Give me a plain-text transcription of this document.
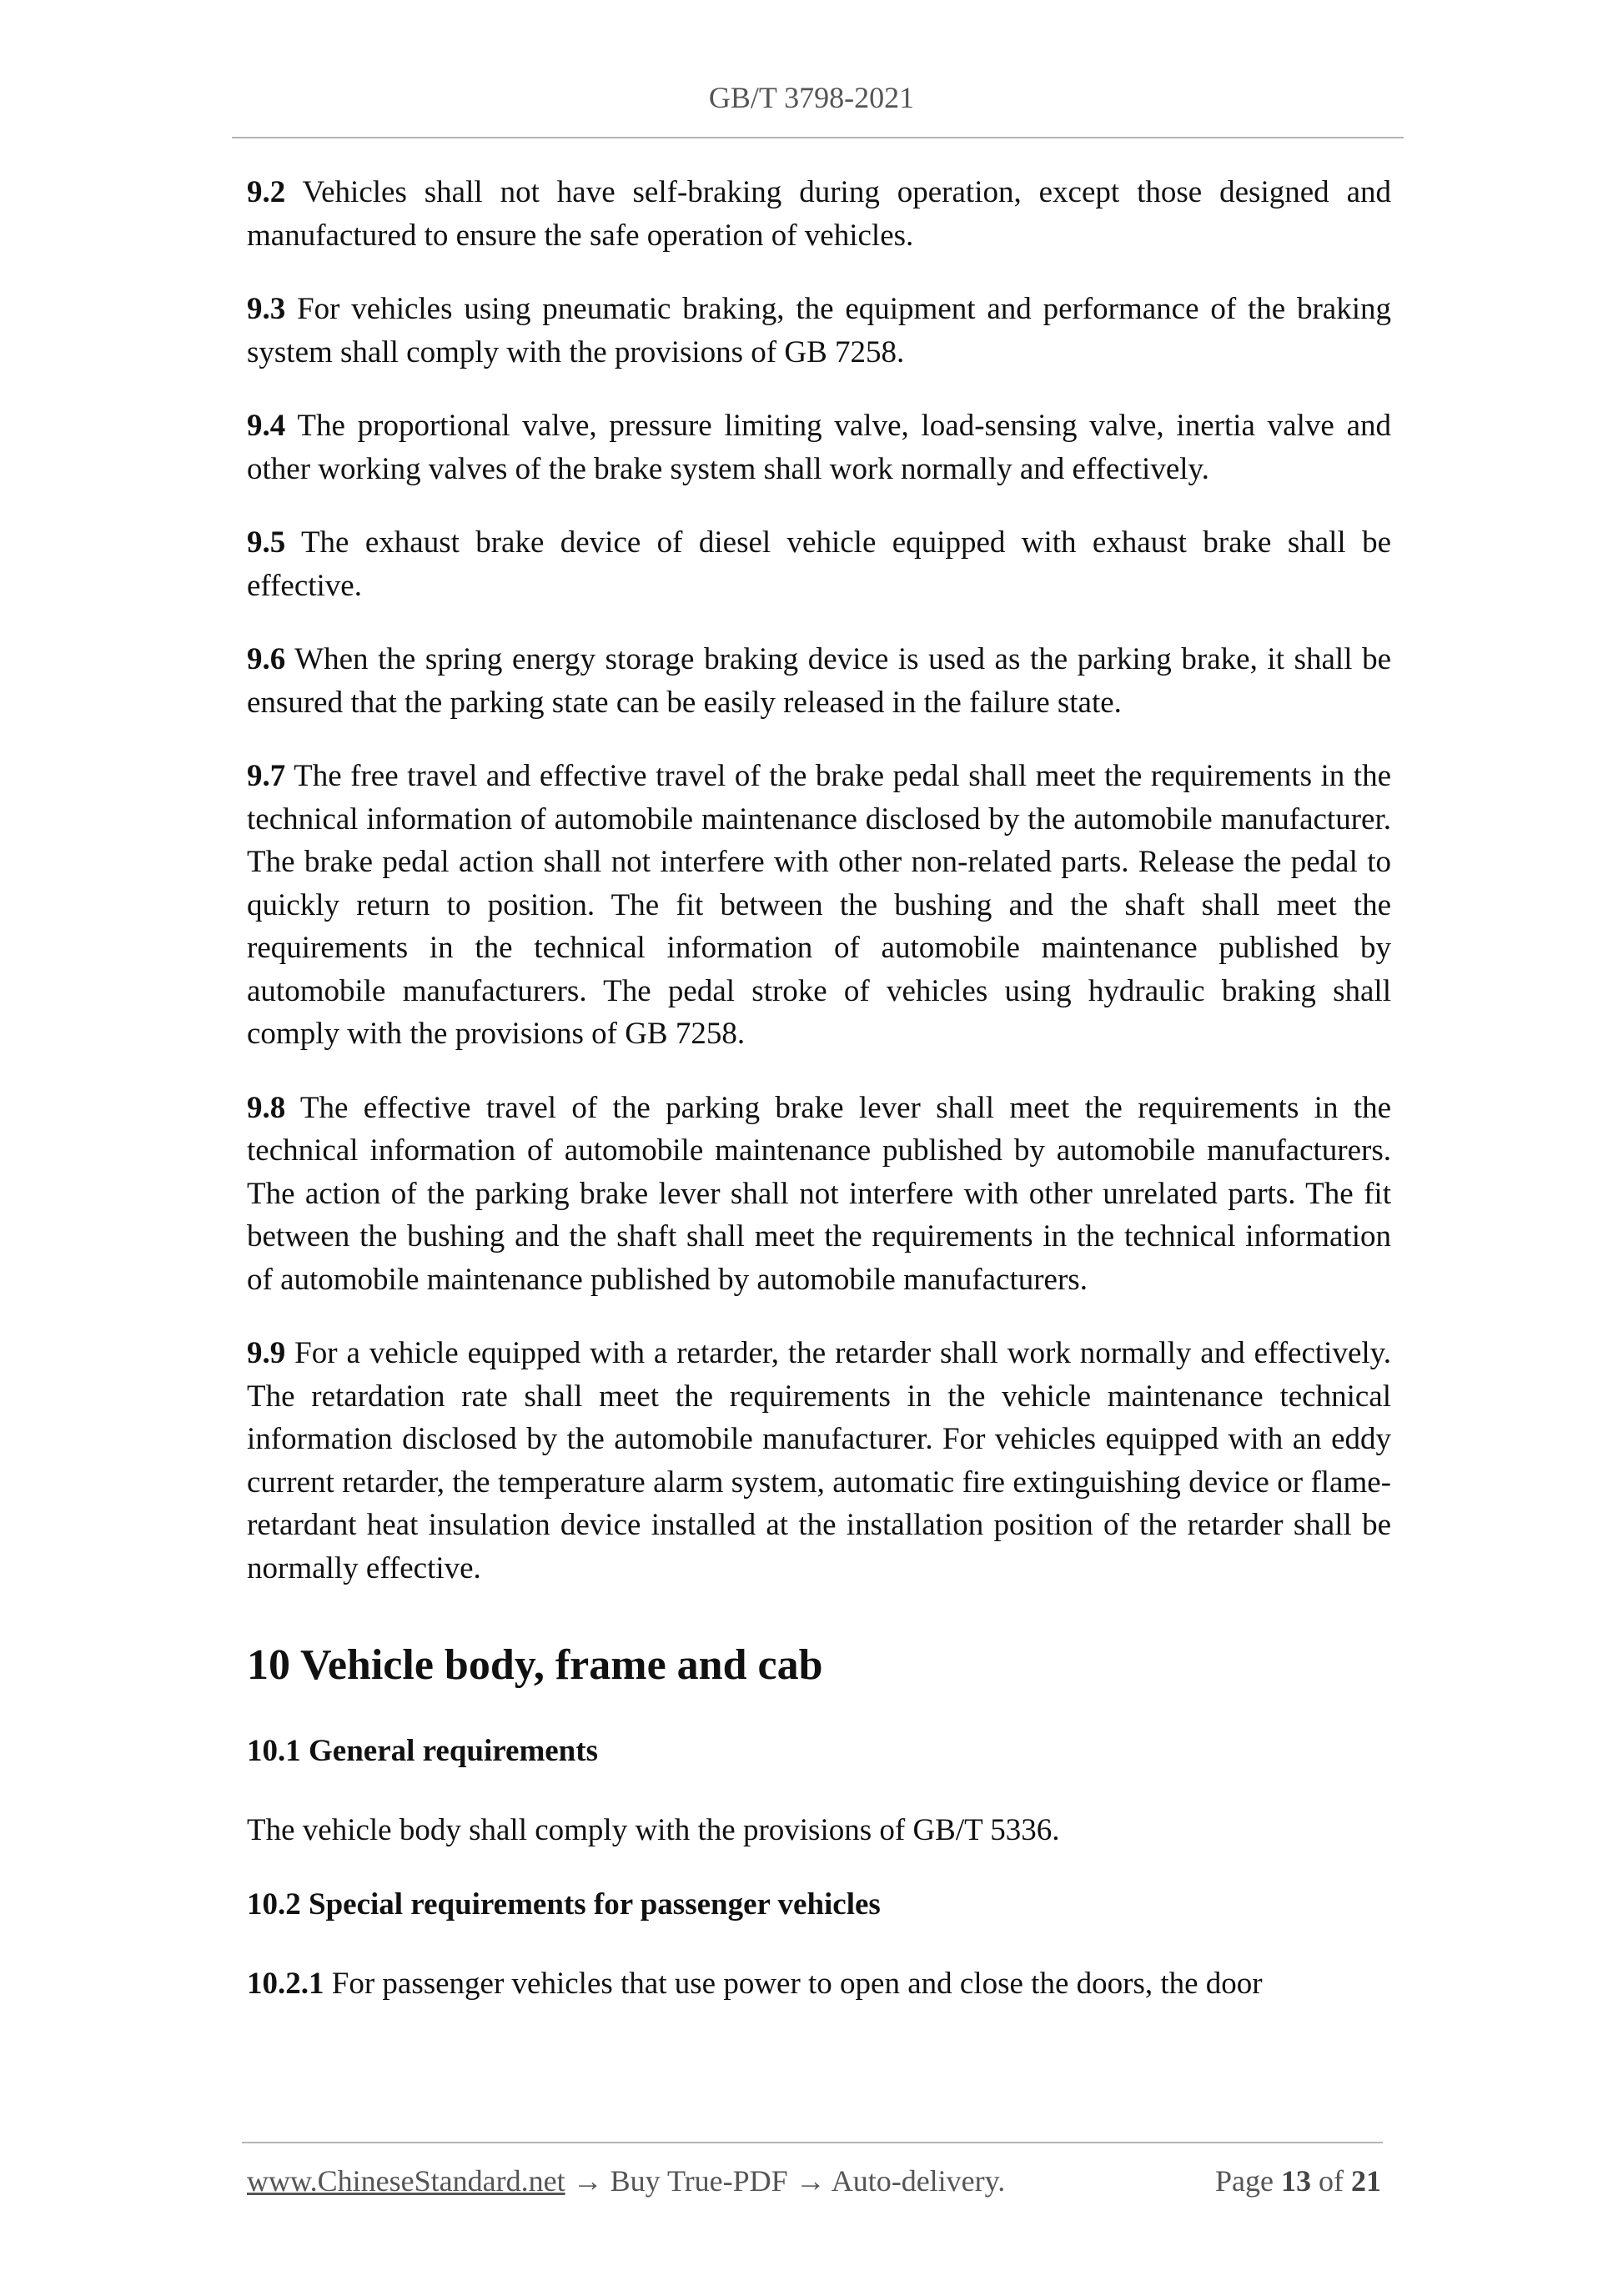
GB/T 3798-2021

9.2 Vehicles shall not have self-braking during operation, except those designed and manufactured to ensure the safe operation of vehicles.

9.3 For vehicles using pneumatic braking, the equipment and performance of the braking system shall comply with the provisions of GB 7258.

9.4 The proportional valve, pressure limiting valve, load-sensing valve, inertia valve and other working valves of the brake system shall work normally and effectively.

9.5 The exhaust brake device of diesel vehicle equipped with exhaust brake shall be effective.

9.6 When the spring energy storage braking device is used as the parking brake, it shall be ensured that the parking state can be easily released in the failure state.

9.7 The free travel and effective travel of the brake pedal shall meet the requirements in the technical information of automobile maintenance disclosed by the automobile manufacturer. The brake pedal action shall not interfere with other non-related parts. Release the pedal to quickly return to position. The fit between the bushing and the shaft shall meet the requirements in the technical information of automobile maintenance published by automobile manufacturers. The pedal stroke of vehicles using hydraulic braking shall comply with the provisions of GB 7258.

9.8 The effective travel of the parking brake lever shall meet the requirements in the technical information of automobile maintenance published by automobile manufacturers. The action of the parking brake lever shall not interfere with other unrelated parts. The fit between the bushing and the shaft shall meet the requirements in the technical information of automobile maintenance published by automobile manufacturers.

9.9 For a vehicle equipped with a retarder, the retarder shall work normally and effectively. The retardation rate shall meet the requirements in the vehicle maintenance technical information disclosed by the automobile manufacturer. For vehicles equipped with an eddy current retarder, the temperature alarm system, automatic fire extinguishing device or flame-retardant heat insulation device installed at the installation position of the retarder shall be normally effective.

10 Vehicle body, frame and cab
10.1 General requirements

The vehicle body shall comply with the provisions of GB/T 5336.

10.2 Special requirements for passenger vehicles

10.2.1 For passenger vehicles that use power to open and close the doors, the door

www.ChineseStandard.net → Buy True-PDF → Auto-delivery.	Page 13 of 21
